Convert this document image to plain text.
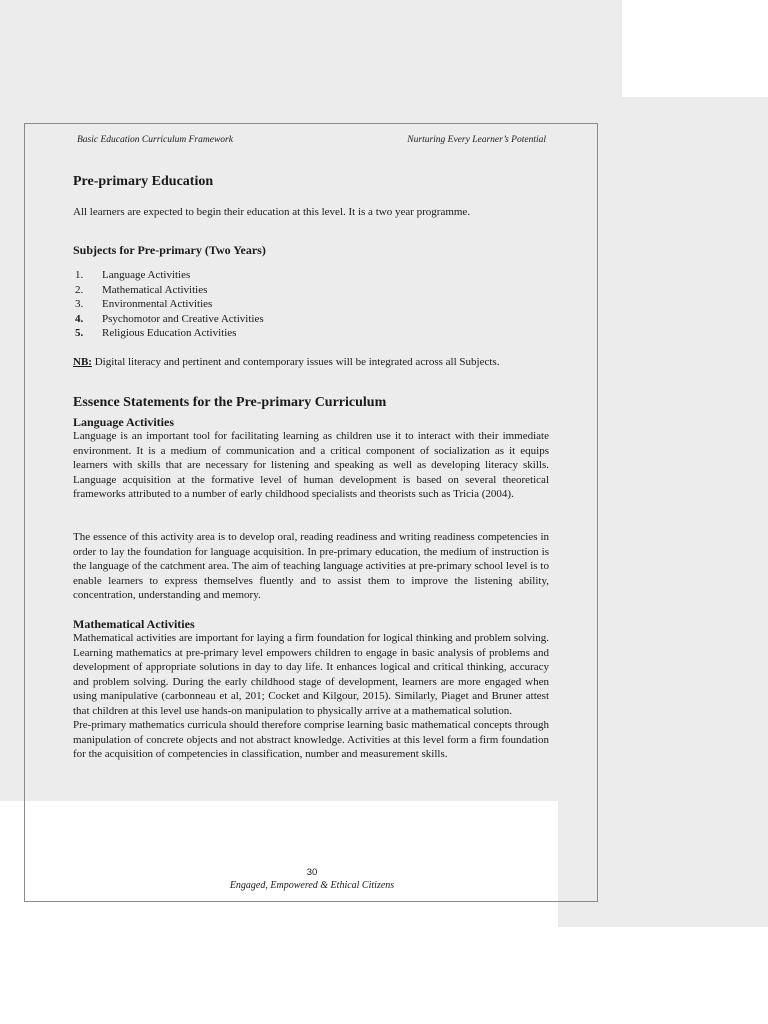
Basic Education Curriculum Framework	Nurturing Every Learner’s Potential
Pre-primary Education
All learners are expected to begin their education at this level. It is a two year programme.
Subjects for Pre-primary (Two Years)
1.	Language Activities
2.	Mathematical Activities
3.	Environmental Activities
4.	Psychomotor and Creative Activities
5.	Religious Education Activities
NB: Digital literacy and pertinent and contemporary issues will be integrated across all Subjects.
Essence Statements for the Pre-primary Curriculum
Language Activities
Language is an important tool for facilitating learning as children use it to interact with their immediate environment. It is a medium of communication and a critical component of socialization as it equips learners with skills that are necessary for listening and speaking as well as developing literacy skills. Language acquisition at the formative level of human development is based on several theoretical frameworks attributed to a number of early childhood specialists and theorists such as Tricia (2004).
The essence of this activity area is to develop oral, reading readiness and writing readiness competencies in order to lay the foundation for language acquisition. In pre-primary education, the medium of instruction is the language of the catchment area. The aim of teaching language activities at pre-primary school level is to enable learners to express themselves fluently and to assist them to improve the listening ability, concentration, understanding and memory.
Mathematical Activities
Mathematical activities are important for laying a firm foundation for logical thinking and problem solving. Learning mathematics at pre-primary level empowers children to engage in basic analysis of problems and development of appropriate solutions in day to day life. It enhances logical and critical thinking, accuracy and problem solving. During the early childhood stage of development, learners are more engaged when using manipulative (carbonneau et al, 201; Cocket and Kilgour, 2015). Similarly, Piaget and Bruner attest that children at this level use hands-on manipulation to physically arrive at a mathematical solution.
Pre-primary mathematics curricula should therefore comprise learning basic mathematical concepts through manipulation of concrete objects and not abstract knowledge. Activities at this level form a firm foundation for the acquisition of competencies in classification, number and measurement skills.
30
Engaged, Empowered & Ethical Citizens
